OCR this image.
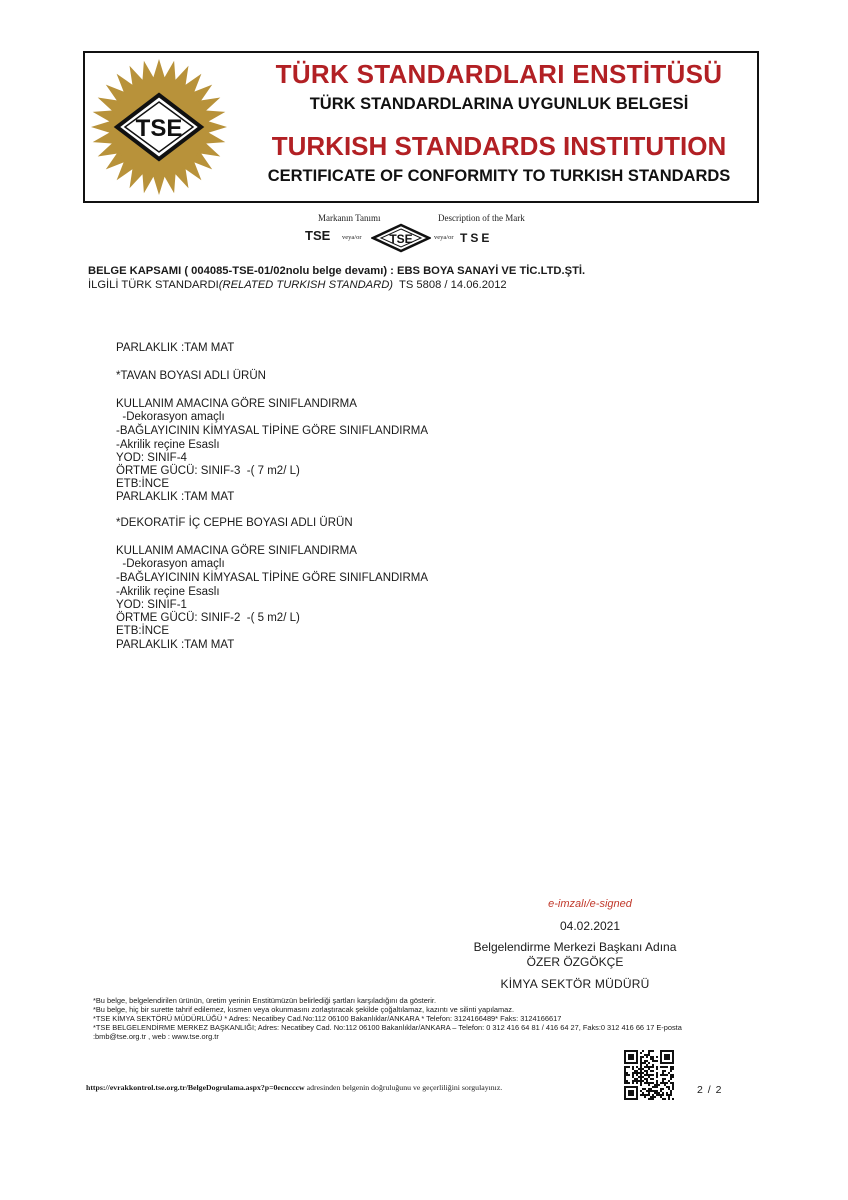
TSE
TÜRK STANDARDLARI ENSTİTÜSÜ
TÜRK STANDARDLARINA UYGUNLUK BELGESİ
TURKISH STANDARDS INSTITUTION
CERTIFICATE OF CONFORMITY TO TURKISH STANDARDS
Markanın Tanımı	Description of the Mark
TSE veya/or TSE	veya/or TSE
BELGE KAPSAMI ( 004085-TSE-01/02nolu belge devamı) : EBS BOYA SANAYİ VE TİC.LTD.ŞTİ.
İLGİLİ TÜRK STANDARDI(RELATED TURKISH STANDARD) TS 5808 / 14.06.2012
PARLAKLIK :TAM MAT
*TAVAN BOYASI ADLI ÜRÜN
KULLANIM AMACINA GÖRE SINIFLANDIRMA
-Dekorasyon amaçlı
-BAĞLAYICININ KİMYASAL TİPİNE GÖRE SINIFLANDIRMA
-Akrilik reçine Esaslı
YOD: SINIF-4
ÖRTME GÜCÜ: SINIF-3  -( 7 m2/ L)
ETB:İNCE
PARLAKLIK :TAM MAT
*DEKORATİF İÇ CEPHE BOYASI ADLI ÜRÜN
KULLANIM AMACINA GÖRE SINIFLANDIRMA
-Dekorasyon amaçlı
-BAĞLAYICININ KİMYASAL TİPİNE GÖRE SINIFLANDIRMA
-Akrilik reçine Esaslı
YOD: SINIF-1
ÖRTME GÜCÜ: SINIF-2  -( 5 m2/ L)
ETB:İNCE
PARLAKLIK :TAM MAT
e-imzalı/e-signed
04.02.2021
Belgelendirme Merkezi Başkanı Adına
ÖZER ÖZGÖKÇE
KİMYA SEKTÖR MÜDÜRÜ
*Bu belge, belgelendirilen ürünün, üretim yerinin Enstitümüzün belirlediği şartları karşıladığını da gösterir.
*Bu belge, hiç bir surette tahrif edilemez, kısmen veya okunmasını zorlaştıracak şekilde çoğaltılamaz, kazıntı ve silinti yapılamaz.
*TSE KİMYA SEKTÖRÜ MÜDÜRLÜĞÜ * Adres: Necatibey Cad.No:112 06100 Bakanlıklar/ANKARA * Telefon: 3124166489* Faks: 3124166617
*TSE BELGELENDİRME MERKEZ BAŞKANLIĞI; Adres: Necatibey Cad. No:112 06100 Bakanlıklar/ANKARA – Telefon: 0 312 416 64 81 / 416 64 27, Faks:0 312 416 66 17 E-posta
:bmb@tse.org.tr , web : www.tse.org.tr
https://evrakkontrol.tse.org.tr/BelgeDogrulama.aspx?p=0ecncccw adresinden belgenin doğruluğunu ve geçerliliğini sorgulayınız.	2 / 2
